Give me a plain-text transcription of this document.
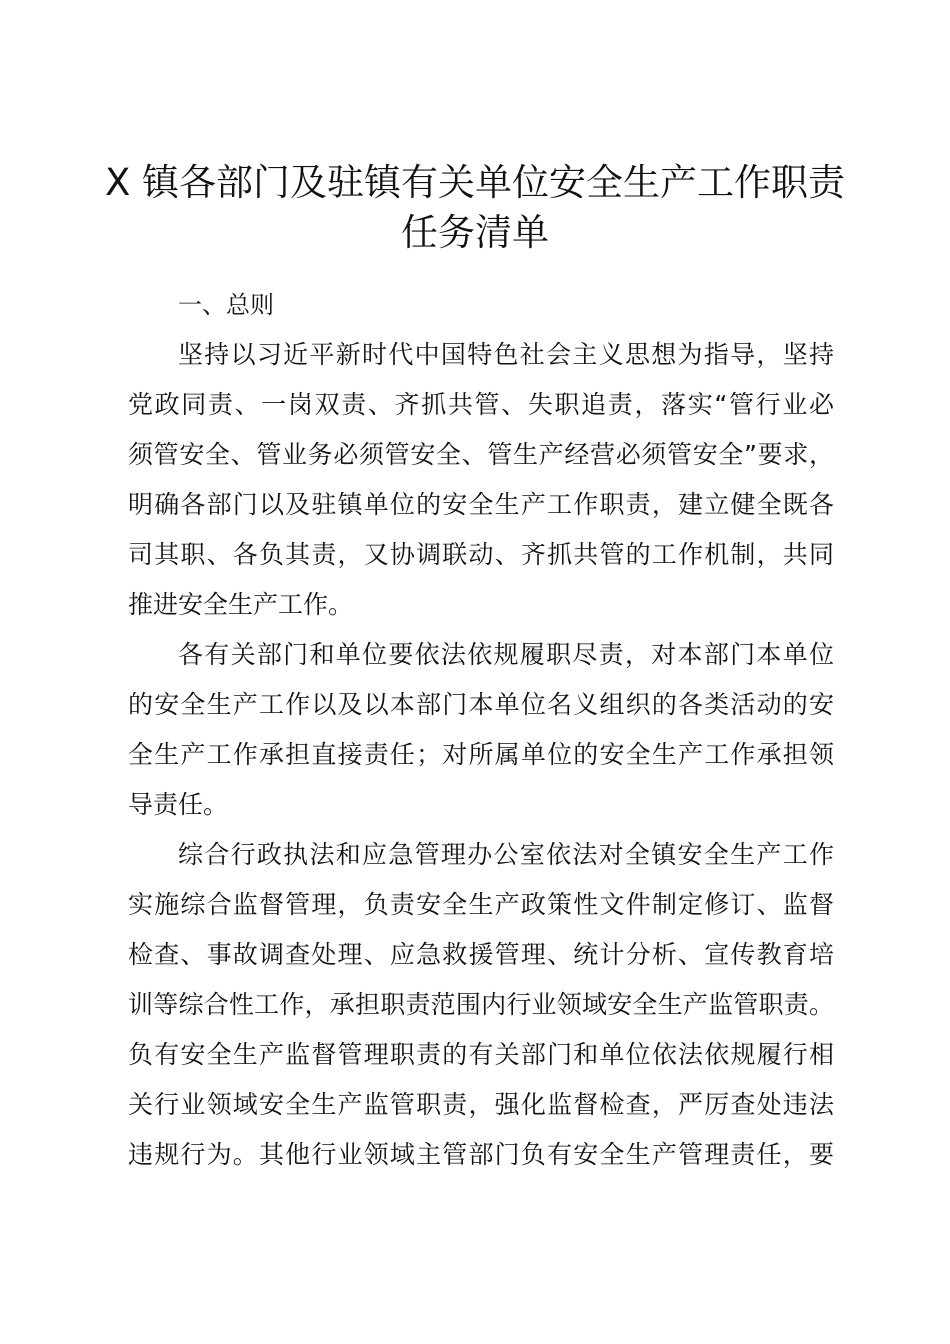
X 镇各部门及驻镇有关单位安全生产工作职责
任务清单
一、总则
坚持以习近平新时代中国特色社会主义思想为指导，坚持
党政同责、一岗双责、齐抓共管、失职追责，落实“管行业必
须管安全、管业务必须管安全、管生产经营必须管安全”要求，
明确各部门以及驻镇单位的安全生产工作职责，建立健全既各
司其职、各负其责，又协调联动、齐抓共管的工作机制，共同
推进安全生产工作。
各有关部门和单位要依法依规履职尽责，对本部门本单位
的安全生产工作以及以本部门本单位名义组织的各类活动的安
全生产工作承担直接责任；对所属单位的安全生产工作承担领
导责任。
综合行政执法和应急管理办公室依法对全镇安全生产工作
实施综合监督管理，负责安全生产政策性文件制定修订、监督
检查、事故调查处理、应急救援管理、统计分析、宣传教育培
训等综合性工作，承担职责范围内行业领域安全生产监管职责。
负有安全生产监督管理职责的有关部门和单位依法依规履行相
关行业领域安全生产监管职责，强化监督检查，严厉查处违法
违规行为。其他行业领域主管部门负有安全生产管理责任，要
